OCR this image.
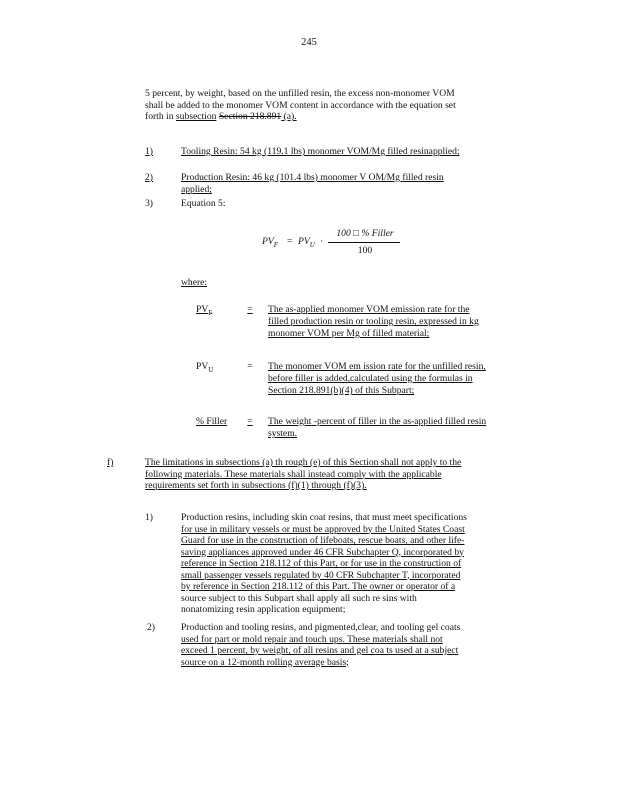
245
5 percent, by weight, based on the unfilled resin, the excess non-monomer VOM
shall be added to the monomer VOM content in accordance with the equation set
forth in subsection Section 218.891 (a).
1)	Tooling Resin: 54 kg (119.1 lbs) monomer VOM/Mg filled resinapplied;
2)	Production Resin: 46 kg (101.4 lbs) monomer V OM/Mg filled resin
applied;
3)	Equation 5:
$PV_F = PV_U$ ·
100 □ % Filler
100
where:
$PV_F$	=	The as-applied monomer VOM emission rate for the
filled production resin or tooling resin, expressed in kg
monomer VOM per Mg of filled material;
$PV_U$	=	The monomer VOM em ission rate for the unfilled resin,
before filler is added,calculated using the formulas in
Section 218.891(b)(4) of this Subpart;
% Filler	=	The weight -percent of filler in the as-applied filled resin
system.
f)	The limitations in subsections (a) th rough (e) of this Section shall not apply to the
following materials. These materials shall instead comply with the applicable
requirements set forth in subsections (f)(1) through (f)(3).
1)	Production resins, including skin coat resins, that must meet specifications
for use in military vessels or must be approved by the United States Coast
Guard for use in the construction of lifeboats, rescue boats, and other life-
saving appliances approved under 46 CFR Subchapter Q, incorporated by
reference in Section 218.112 of this Part, or for use in the construction of
small passenger vessels regulated by 40 CFR Subchapter T, incorporated
by reference in Section 218.112 of this Part. The owner or operator of a
source subject to this Subpart shall apply all such re sins with
nonatomizing resin application equipment;
2)	Production and tooling resins, and pigmented,clear, and tooling gel coats
used for part or mold repair and touch ups. These materials shall not
exceed 1 percent, by weight, of all resins and gel coa ts used at a subject
source on a 12-month rolling average basis;
